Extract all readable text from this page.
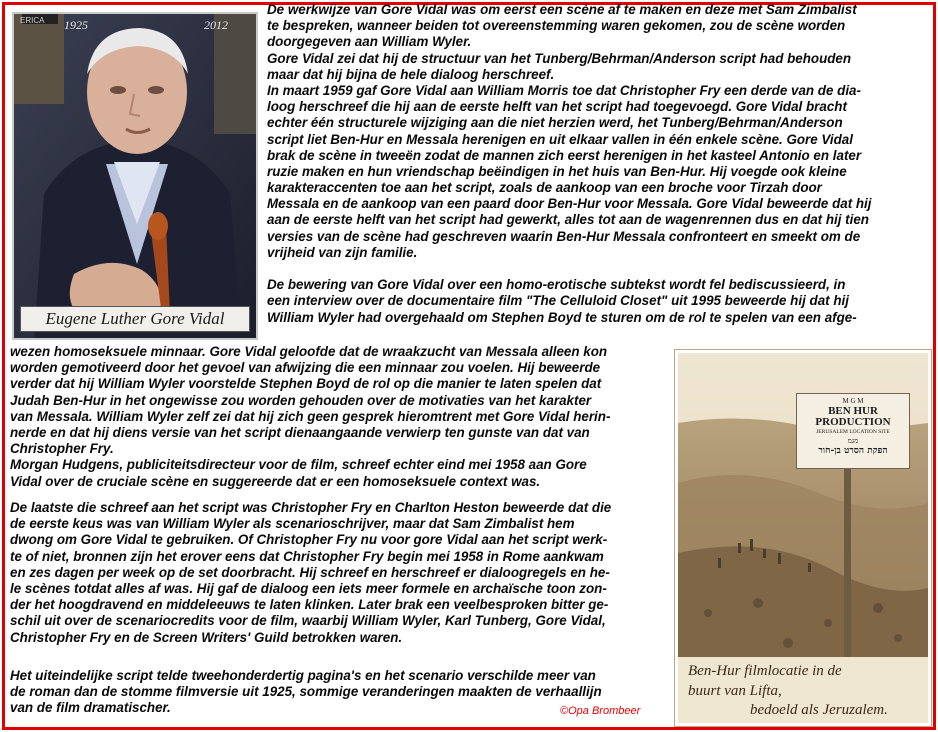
1925	2012
ERICA
Eugene Luther Gore Vidal
De werkwijze van Gore Vidal was om eerst een scène af te maken en deze met Sam Zimbalist
te bespreken, wanneer beiden tot overeenstemming waren gekomen, zou de scène worden
doorgegeven aan William Wyler.
Gore Vidal zei dat hij de structuur van het Tunberg/Behrman/Anderson script had behouden
maar dat hij bijna de hele dialoog herschreef.
In maart 1959 gaf Gore Vidal aan William Morris toe dat Christopher Fry een derde van de dia-
loog herschreef die hij aan de eerste helft van het script had toegevoegd. Gore Vidal bracht
echter één structurele wijziging aan die niet herzien werd, het Tunberg/Behrman/Anderson
script liet Ben-Hur en Messala herenigen en uit elkaar vallen in één enkele scène. Gore Vidal
brak de scène in tweeën zodat de mannen zich eerst herenigen in het kasteel Antonio en later
ruzie maken en hun vriendschap beëindigen in het huis van Ben-Hur. Hij voegde ook kleine
karakteraccenten toe aan het script, zoals de aankoop van een broche voor Tirzah door
Messala en de aankoop van een paard door Ben-Hur voor Messala. Gore Vidal beweerde dat hij
aan de eerste helft van het script had gewerkt, alles tot aan de wagenrennen dus en dat hij tien
versies van de scène had geschreven waarin Ben-Hur Messala confronteert en smeekt om de
vrijheid van zijn familie.
De bewering van Gore Vidal over een homo-erotische subtekst wordt fel bediscussieerd, in
een interview over de documentaire film "The Celluloid Closet" uit 1995 beweerde hij dat hij
William Wyler had overgehaald om Stephen Boyd te sturen om de rol te spelen van een afge-
wezen homoseksuele minnaar. Gore Vidal geloofde dat de wraakzucht van Messala alleen kon
worden gemotiveerd door het gevoel van afwijzing die een minnaar zou voelen. Hij beweerde
verder dat hij William Wyler voorstelde Stephen Boyd de rol op die manier te laten spelen dat
Judah Ben-Hur in het ongewisse zou worden gehouden over de motivaties van het karakter
van Messala. William Wyler zelf zei dat hij zich geen gesprek hieromtrent met Gore Vidal herin-
nerde en dat hij diens versie van het script dienaangaande verwierp ten gunste van dat van
Christopher Fry.
Morgan Hudgens, publiciteitsdirecteur voor de film, schreef echter eind mei 1958 aan Gore
Vidal over de cruciale scène en suggereerde dat er een homoseksuele context was.
De laatste die schreef aan het script was Christopher Fry en Charlton Heston beweerde dat die
de eerste keus was van William Wyler als scenarioschrijver, maar dat Sam Zimbalist hem
dwong om Gore Vidal te gebruiken. Of Christopher Fry nu voor gore Vidal aan het script werk-
te of niet, bronnen zijn het erover eens dat Christopher Fry begin mei 1958 in Rome aankwam
en zes dagen per week op de set doorbracht. Hij schreef en herschreef er dialoogregels en he-
le scènes totdat alles af was. Hij gaf de dialoog een iets meer formele en archaïsche toon zon-
der het hoogdravend en middeleeuws te laten klinken. Later brak een veelbesproken bitter ge-
schil uit over de scenariocredits voor de film, waarbij William Wyler, Karl Tunberg, Gore Vidal,
Christopher Fry en de Screen Writers' Guild betrokken waren.
Het uiteindelijke script telde tweehonderdertig pagina's en het scenario verschilde meer van
de roman dan de stomme filmversie uit 1925, sommige veranderingen maakten de verhaallijn
van de film dramatischer.
M G M
BEN HUR PRODUCTION
JERUSALEM LOCATION SITE
מגמ
הפקת הסרט בן-חור
Ben-Hur filmlocatie in de
buurt van Lifta,
bedoeld als Jeruzalem.
©Opa Brombeer
